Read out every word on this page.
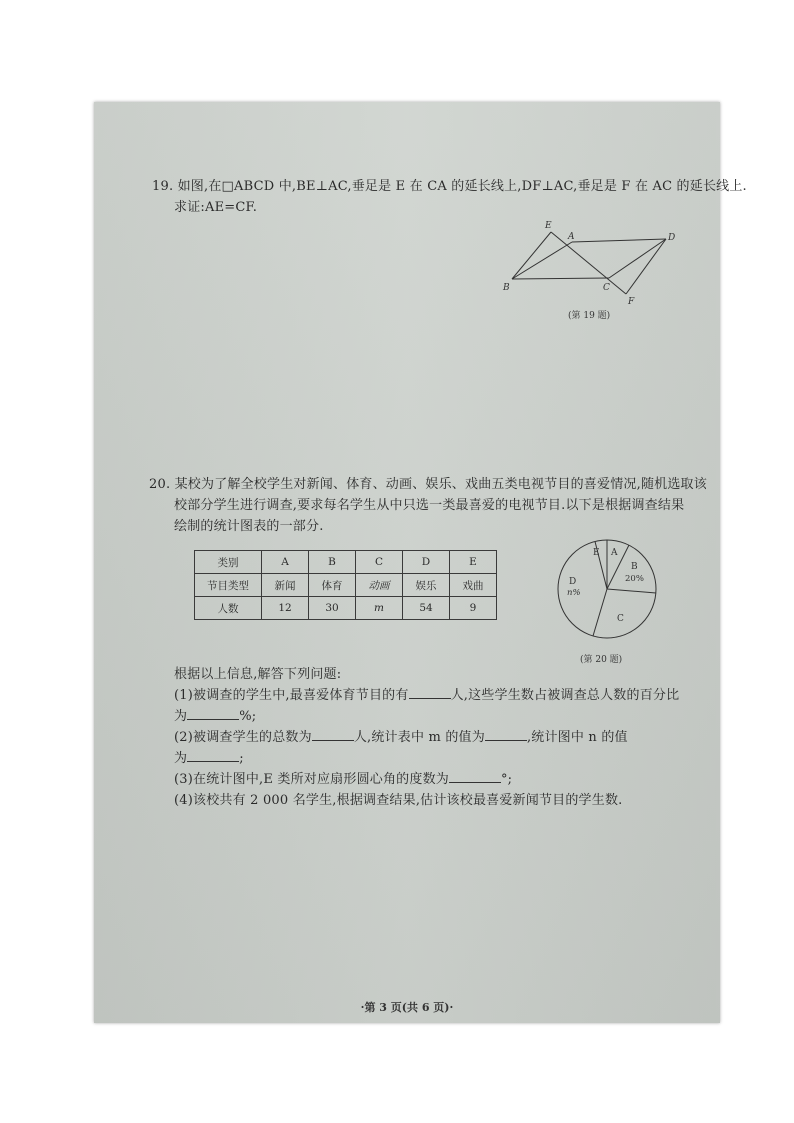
19. 如图,在□ABCD 中,BE⊥AC,垂足是 E 在 CA 的延长线上,DF⊥AC,垂足是 F 在 AC 的延长线上.
求证:AE=CF.
E
A	D
B	C
F
(第 19 题)
20. 某校为了解全校学生对新闻、体育、动画、娱乐、戏曲五类电视节目的喜爱情况,随机选取该
校部分学生进行调查,要求每名学生从中只选一类最喜爱的电视节目.以下是根据调查结果
绘制的统计图表的一部分.
类别	A	B	C	D	E
节目类型	新闻	体育	动画	娱乐	戏曲
人数	12	30	m	54	9
E A
B
20%
C
D
n%
(第 20 题)
根据以上信息,解答下列问题:
(1)被调查的学生中,最喜爱体育节目的有	人,这些学生数占被调查总人数的百分比
为	%;
(2)被调查学生的总数为	人,统计表中 m 的值为	,统计图中 n 的值
为	;
(3)在统计图中,E 类所对应扇形圆心角的度数为	°;
(4)该校共有 2 000 名学生,根据调查结果,估计该校最喜爱新闻节目的学生数.
·第 3 页(共 6 页)·
